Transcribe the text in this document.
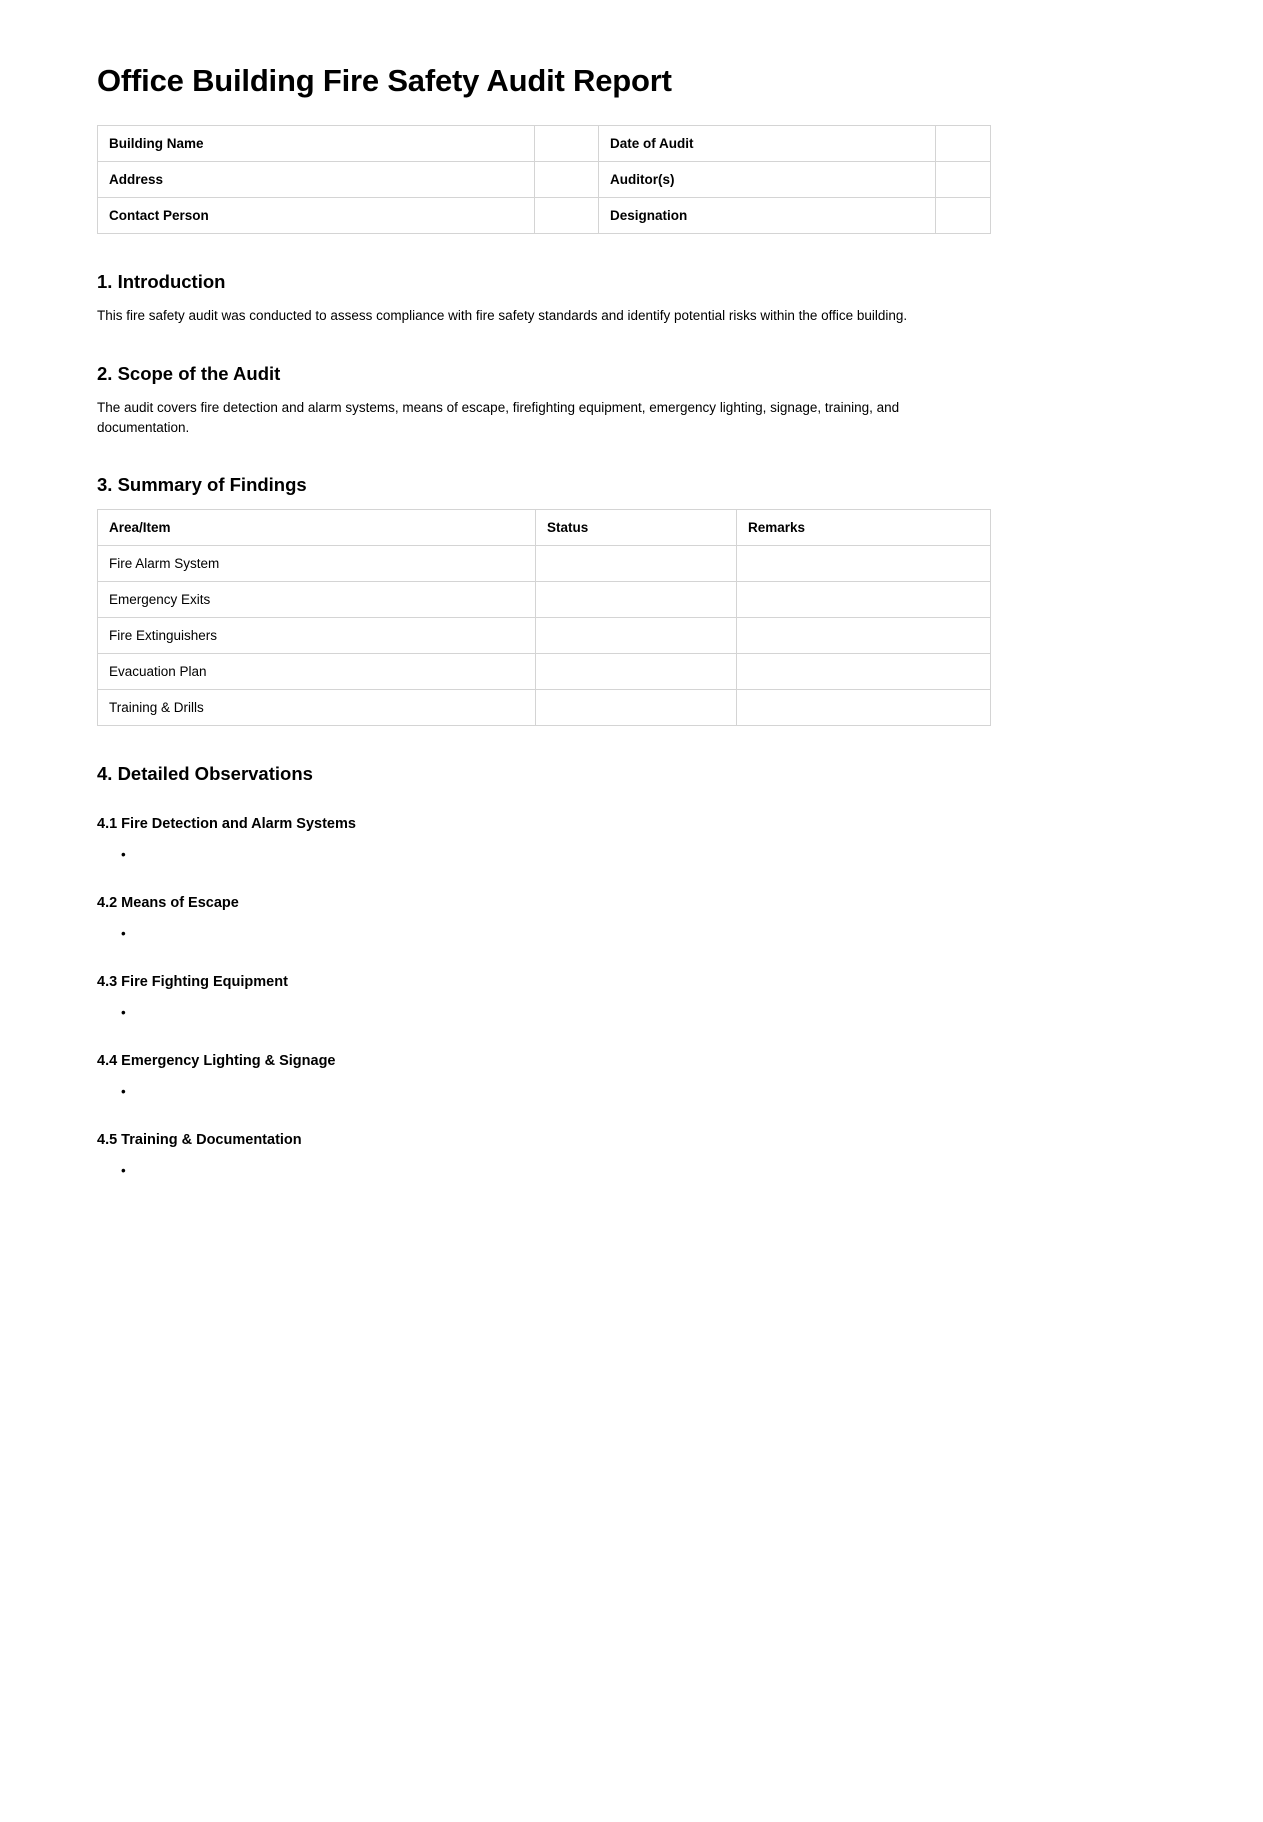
Office Building Fire Safety Audit Report
Building Name		Date of Audit	
Address		Auditor(s)	
Contact Person		Designation	
1. Introduction

This fire safety audit was conducted to assess compliance with fire safety standards and identify potential risks within the office building.

2. Scope of the Audit

The audit covers fire detection and alarm systems, means of escape, firefighting equipment, emergency lighting, signage, training, and documentation.

3. Summary of Findings
Area/Item	Status	Remarks
Fire Alarm System		
Emergency Exits		
Fire Extinguishers		
Evacuation Plan		
Training & Drills		
4. Detailed Observations
4.1 Fire Detection and Alarm Systems
•
4.2 Means of Escape
•
4.3 Fire Fighting Equipment
•
4.4 Emergency Lighting & Signage
•
4.5 Training & Documentation
•
